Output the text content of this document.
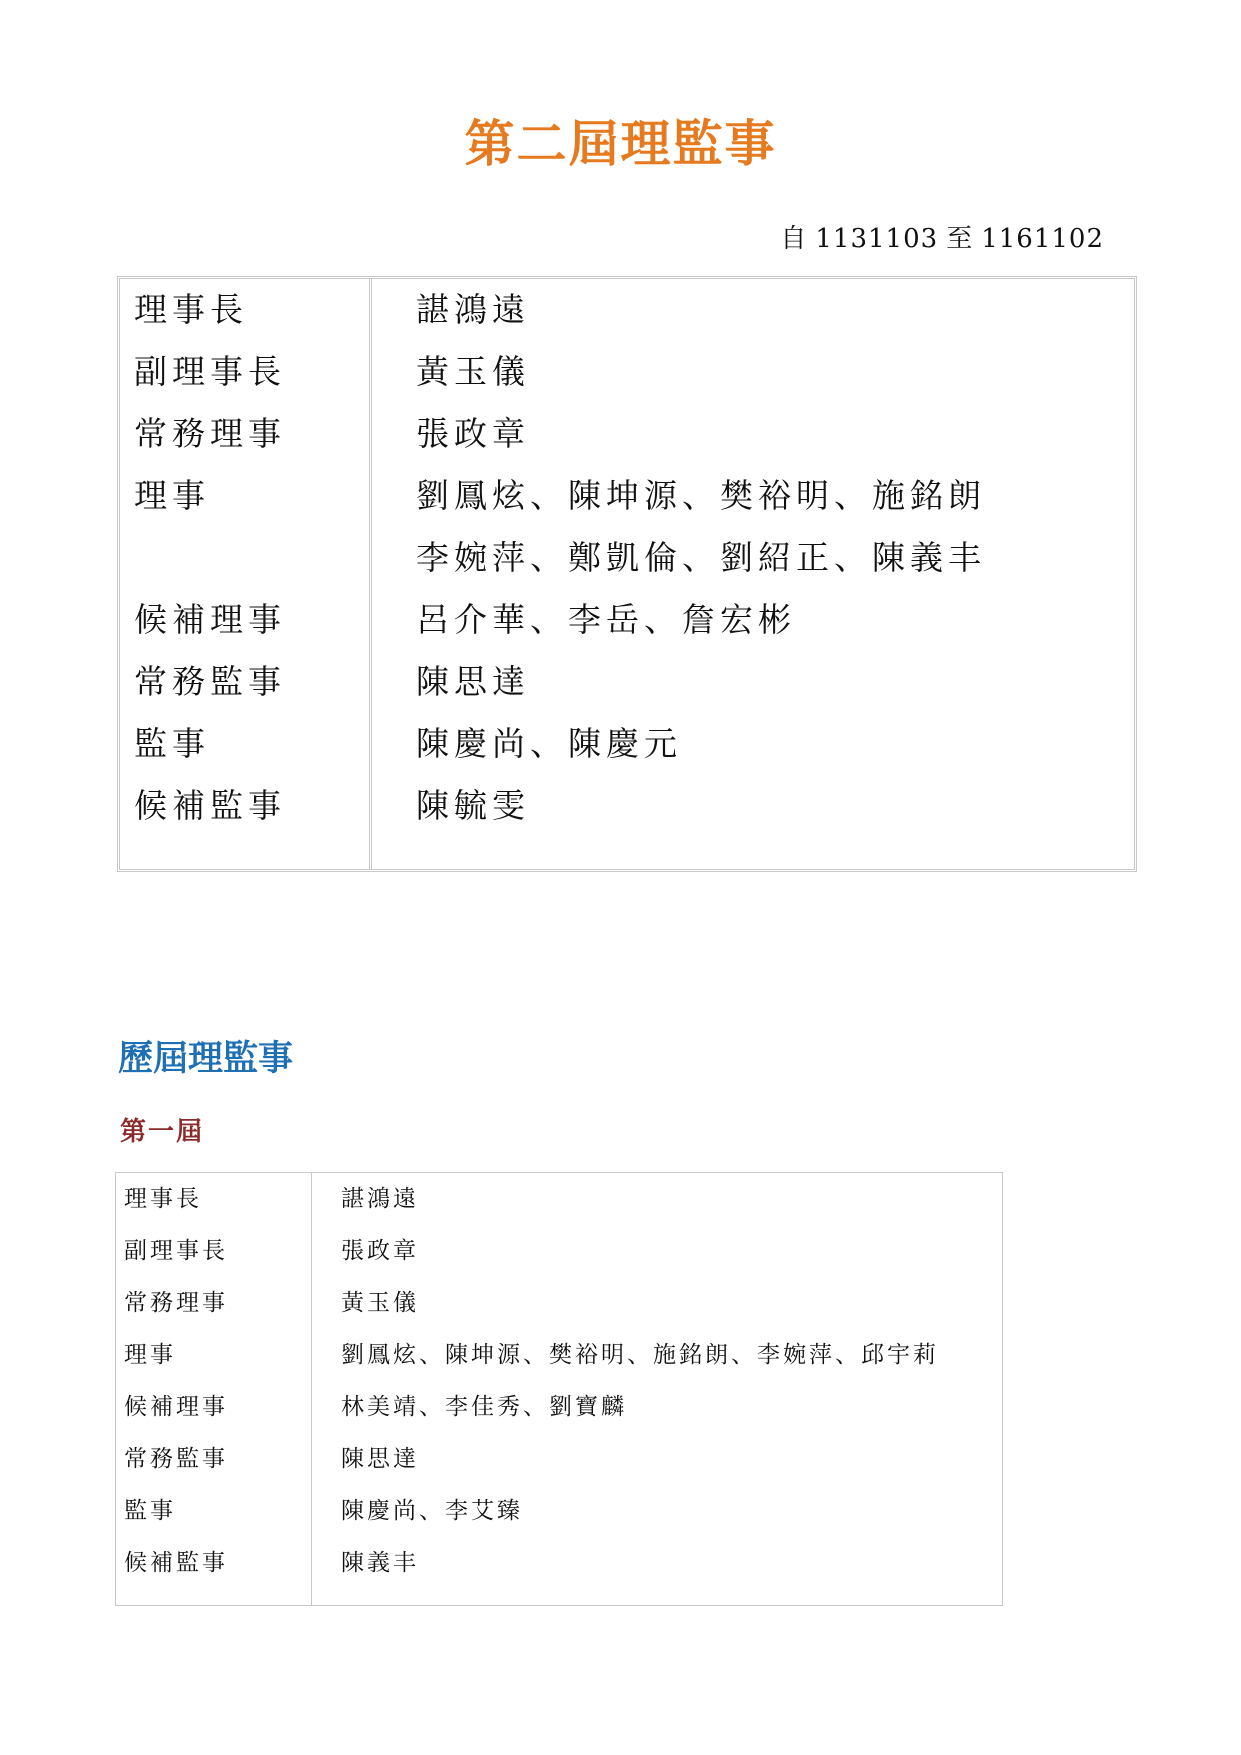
第二屆理監事
自 1131103 至 1161102
理事長	諶鴻遠
副理事長	黃玉儀
常務理事	張政章
理事	劉鳳炫、陳坤源、樊裕明、施銘朗
李婉萍、鄭凱倫、劉紹正、陳義丰
候補理事	呂介華、李岳、詹宏彬
常務監事	陳思達
監事	陳慶尚、陳慶元
候補監事	陳毓雯
歷屆理監事
第一屆
理事長	諶鴻遠
副理事長	張政章
常務理事	黃玉儀
理事	劉鳳炫、陳坤源、樊裕明、施銘朗、李婉萍、邱宇莉
候補理事	林美靖、李佳秀、劉寶麟
常務監事	陳思達
監事	陳慶尚、李艾臻
候補監事	陳義丰
